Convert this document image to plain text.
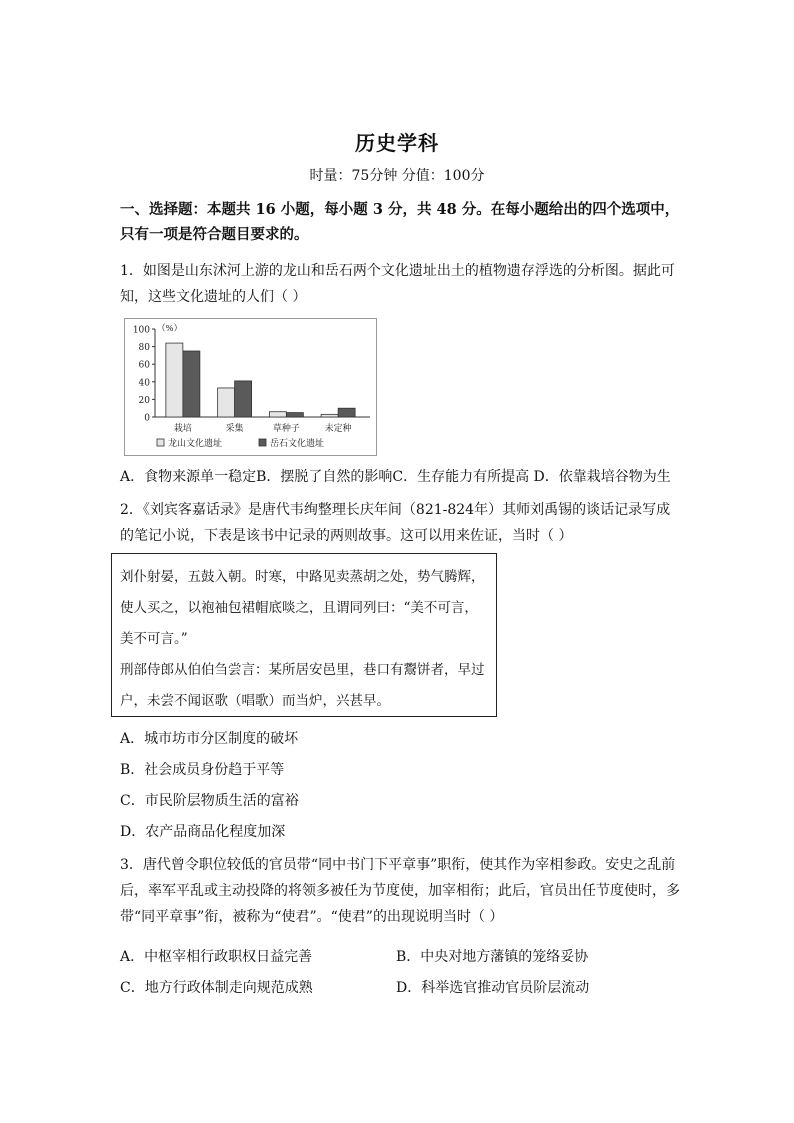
历史学科
时量：75分钟 分值：100分
一、选择题：本题共 16 小题，每小题 3 分，共 48 分。在每小题给出的四个选项中，只有一项是符合题目要求的。
1．如图是山东沭河上游的龙山和岳石两个文化遗址出土的植物遗存浮选的分析图。据此可知，这些文化遗址的人们（ ）
0
20
40
60
80
100 （%）
栽培	采集	草种子	未定种
龙山文化遗址	岳石文化遗址
A．食物来源单一稳定B．摆脱了自然的影响C．生存能力有所提高 D．依靠栽培谷物为生
2．《刘宾客嘉话录》是唐代韦绚整理长庆年间（821-824年）其师刘禹锡的谈话记录写成的笔记小说，下表是该书中记录的两则故事。这可以用来佐证，当时（ ）

刘仆射晏，五鼓入朝。时寒，中路见卖蒸胡之处，势气腾辉，使人买之，以袍袖包裙帽底啖之，且谓同列曰：“美不可言，美不可言。”

刑部侍郎从伯伯刍尝言：某所居安邑里，巷口有鬻饼者，早过户，未尝不闻讴歌（唱歌）而当炉，兴甚早。

A．城市坊市分区制度的破坏
B．社会成员身份趋于平等
C．市民阶层物质生活的富裕
D．农产品商品化程度加深
3．唐代曾令职位较低的官员带“同中书门下平章事”职衔，使其作为宰相参政。安史之乱前后，率军平乱或主动投降的将领多被任为节度使，加宰相衔；此后，官员出任节度使时，多带“同平章事”衔，被称为“使君”。“使君”的出现说明当时（ ）
A．中枢宰相行政职权日益完善	B．中央对地方藩镇的笼络妥协
C．地方行政体制走向规范成熟	D．科举选官推动官员阶层流动
